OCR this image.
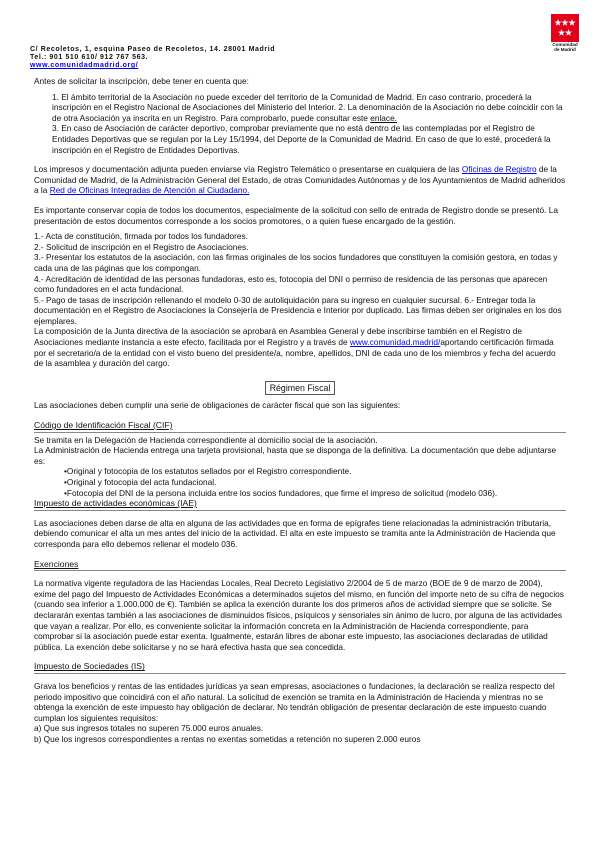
Comunidad
de Madrid
C/ Recoletos, 1, esquina Paseo de Recoletos, 14. 28001 Madrid
Tel.: 901 510 610/ 912 767 563.
www.comunidadmadrid.org/

Antes de solicitar la inscripción, debe tener en cuenta que:

1. El ámbito territorial de la Asociación no puede exceder del territorio de la Comunidad de Madrid. En caso contrario, procederá la inscripción en el Registro Nacional de Asociaciones del Ministerio del Interior. 2. La denominación de la Asociación no debe coincidir con la de otra Asociación ya inscrita en un Registro. Para comprobarlo, puede consultar este enlace.

3. En caso de Asociación de carácter deportivo, comprobar previamente que no está dentro de las contempladas por el Registro de Entidades Deportivas que se regulan por la Ley 15/1994, del Deporte de la Comunidad de Madrid. En caso de que lo esté, procederá la inscripción en el Registro de Entidades Deportivas.

Los impresos y documentación adjunta pueden enviarse vía Registro Telemático o presentarse en cualquiera de las Oficinas de Registro de la Comunidad de Madrid, de la Administración General del Estado, de otras Comunidades Autónomas y de los Ayuntamientos de Madrid adheridos a la Red de Oficinas Integradas de Atención al Ciudadano.

Es importante conservar copia de todos los documentos, especialmente de la solicitud con sello de entrada de Registro donde se presentó. La presentación de estos documentos corresponde a los socios promotores, o a quien fuese encargado de la gestión.

1.- Acta de constitución, firmada por todos los fundadores.

2.- Solicitud de inscripción en el Registro de Asociaciones.

3.- Presentar los estatutos de la asociación, con las firmas originales de los socios fundadores que constituyen la comisión gestora, en todas y cada una de las páginas que los compongan.

4.- Acreditación de identidad de las personas fundadoras, esto es, fotocopia del DNI o permiso de residencia de las personas que aparecen como fundadores en el acta fundacional.

5.- Pago de tasas de inscripción rellenando el modelo 0-30 de autoliquidación para su ingreso en cualquier sucursal. 6.- Entregar toda la documentación en el Registro de Asociaciones la Consejería de Presidencia e Interior por duplicado. Las firmas deben ser originales en los dos ejemplares.

La composición de la Junta directiva de la asociación se aprobará en Asamblea General y debe inscribirse también en el Registro de Asociaciones mediante instancia a este efecto, facilitada por el Registro y a través de www.comunidad.madrid/aportando certificación firmada por el secretario/a de la entidad con el visto bueno del presidente/a, nombre, apellidos, DNI de cada uno de los miembros y fecha del acuerdo de la asamblea y duración del cargo.

Régimen Fiscal

Las asociaciones deben cumplir una serie de obligaciones de carácter fiscal que son las siguientes:

Código de Identificación Fiscal (CIF)

Se tramita en la Delegación de Hacienda correspondiente al domicilio social de la asociación.

La Administración de Hacienda entrega una tarjeta provisional, hasta que se disponga de la definitiva. La documentación que debe adjuntarse es:

• Original y fotocopia de los estatutos sellados por el Registro correspondiente.

• Original y fotocopia del acta fundacional.

• Fotocopia del DNI de la persona incluida entre los socios fundadores, que firme el impreso de solicitud (modelo 036).

Impuesto de actividades económicas (IAE)

Las asociaciones deben darse de alta en alguna de las actividades que en forma de epígrafes tiene relacionadas la administración tributaria, debiendo comunicar el alta un mes antes del inicio de la actividad. El alta en este impuesto se tramita ante la Administración de Hacienda que corresponda para ello debemos rellenar el modelo 036.

Exenciones

La normativa vigente reguladora de las Haciendas Locales, Real Decreto Legislativo 2/2004 de 5 de marzo (BOE de 9 de marzo de 2004), exime del pago del Impuesto de Actividades Económicas a determinados sujetos del mismo, en función del importe neto de su cifra de negocios (cuando sea inferior a 1.000.000 de €). También se aplica la exención durante los dos primeros años de actividad siempre que se solicite. Se declararán exentas también a las asociaciones de disminuidos físicos, psíquicos y sensoriales sin ánimo de lucro, por alguna de las actividades que vayan a realizar. Por ello, es conveniente solicitar la información concreta en la Administración de Hacienda correspondiente, para comprobar si la asociación puede estar exenta. Igualmente, estarán libres de abonar este impuesto, las asociaciones declaradas de utilidad pública. La exención debe solicitarse y no se hará efectiva hasta que sea concedida.

Impuesto de Sociedades (IS)

Grava los beneficios y rentas de las entidades jurídicas ya sean empresas, asociaciones o fundaciones, la declaración se realiza respecto del periodo impositivo que coincidirá con el año natural. La solicitud de exención se tramita en la Administración de Hacienda y mientras no se obtenga la exención de este impuesto hay obligación de declarar. No tendrán obligación de presentar declaración de este impuesto cuando cumplan los siguientes requisitos:

a) Que sus ingresos totales no superen 75.000 euros anuales.

b) Que los ingresos correspondientes a rentas no exentas sometidas a retención no superen 2.000 euros
